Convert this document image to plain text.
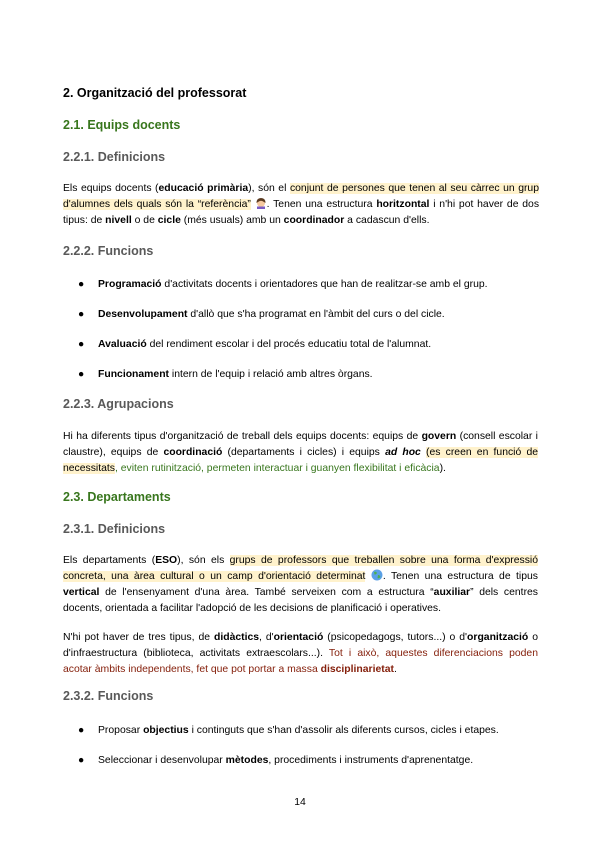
2. Organització del professorat
2.1. Equips docents
2.2.1. Definicions
Els equips docents (educació primària), són el conjunt de persones que tenen al seu càrrec un grup d'alumnes dels quals són la “referència” . Tenen una estructura horitzontal i n'hi pot haver de dos tipus: de nivell o de cicle (més usuals) amb un coordinador a cadascun d'ells.
2.2.2. Funcions
● Programació d'activitats docents i orientadores que han de realitzar-se amb el grup.
● Desenvolupament d'allò que s'ha programat en l'àmbit del curs o del cicle.
● Avaluació del rendiment escolar i del procés educatiu total de l'alumnat.
● Funcionament intern de l'equip i relació amb altres òrgans.
2.2.3. Agrupacions
Hi ha diferents tipus d'organització de treball dels equips docents: equips de govern (consell escolar i claustre), equips de coordinació (departaments i cicles) i equips ad hoc (es creen en funció de necessitats, eviten rutinització, permeten interactuar i guanyen flexibilitat i eficàcia).
2.3. Departaments
2.3.1. Definicions
Els departaments (ESO), són els grups de professors que treballen sobre una forma d'expressió concreta, una àrea cultural o un camp d'orientació determinat . Tenen una estructura de tipus vertical de l'ensenyament d'una àrea. També serveixen com a estructura “auxiliar” dels centres docents, orientada a facilitar l'adopció de les decisions de planificació i operatives.
N'hi pot haver de tres tipus, de didàctics, d'orientació (psicopedagogs, tutors...) o d'organització o d'infraestructura (biblioteca, activitats extraescolars...). Tot i això, aquestes diferenciacions poden acotar àmbits independents, fet que pot portar a massa disciplinarietat.
2.3.2. Funcions
● Proposar objectius i continguts que s'han d'assolir als diferents cursos, cicles i etapes.
● Seleccionar i desenvolupar mètodes, procediments i instruments d'aprenentatge.
14
